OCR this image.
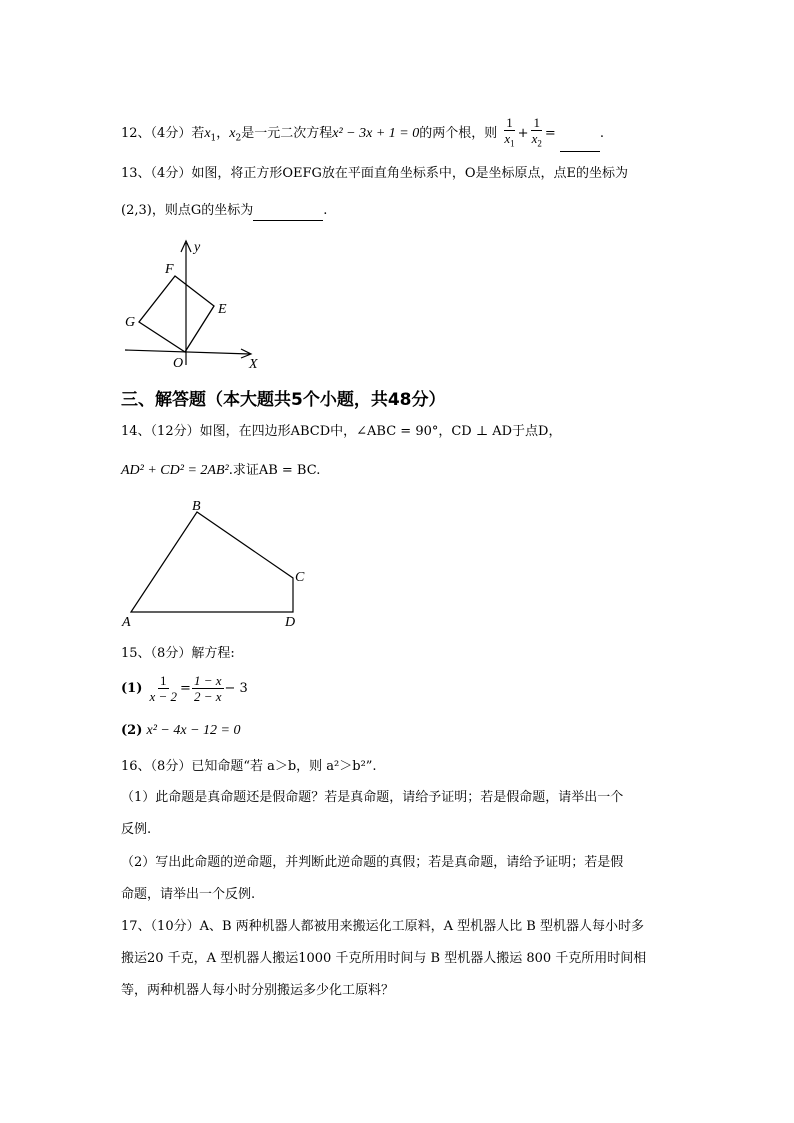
12、（4分）若$x_1$，$x_2$是一元二次方程x² − 3x + 1 = 0的两个根，则 $\frac{1}{x_1} + \frac{1}{x_2}$ =	.
13、（4分）如图，将正方形OEFG放在平面直角坐标系中，O是坐标原点，点E的坐标为
(2,3)，则点G的坐标为	.
y
F
E
G
O	X
三、解答题（本大题共5个小题，共48分）
14、（12分）如图，在四边形ABCD中，∠ABC = 90°，CD ⊥ AD于点D，
AD² + CD² = 2AB².求证AB = BC.
B
C
A	D
15、（8分）解方程:
$(1) \frac{1}{x - 2} = \frac{1 - x}{2 - x} - 3$
(2) x² − 4x − 12 = 0
16、（8分）已知命题“若 a＞b，则 a²＞b²”.
（1）此命题是真命题还是假命题？若是真命题，请给予证明；若是假命题，请举出一个
反例.
（2）写出此命题的逆命题，并判断此逆命题的真假；若是真命题，请给予证明；若是假
命题，请举出一个反例.
17、（10分）A、B 两种机器人都被用来搬运化工原料，A 型机器人比 B 型机器人每小时多
搬运20 千克，A 型机器人搬运1000 千克所用时间与 B 型机器人搬运 800 千克所用时间相
等，两种机器人每小时分别搬运多少化工原料？
